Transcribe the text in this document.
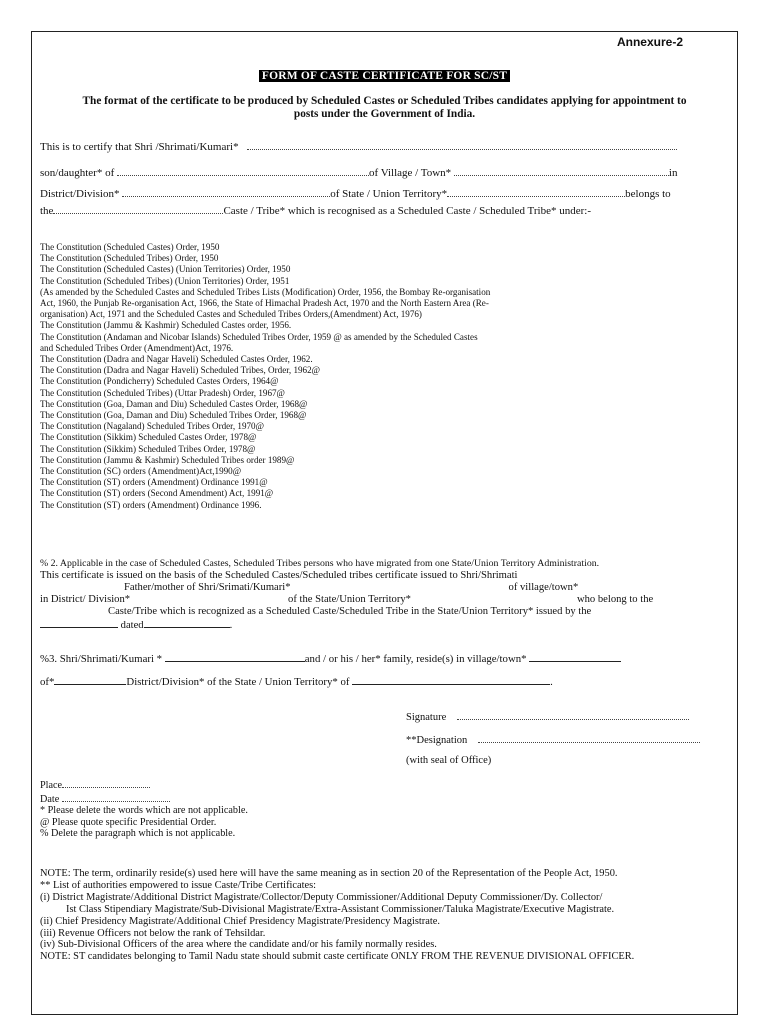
Annexure-2
FORM OF CASTE CERTIFICATE FOR SC/ST
The format of the certificate to be produced by Scheduled Castes or Scheduled Tribes candidates applying for appointment to
posts under the Government of India.
This is to certify that Shri /Shrimati/Kumari*
son/daughter* of	of Village / Town*	in
District/Division*	of State / Union Territory*	belongs to
the	Caste / Tribe* which is recognised as a Scheduled Caste / Scheduled Tribe* under:-
The Constitution (Scheduled Castes) Order, 1950
The Constitution (Scheduled Tribes) Order, 1950
The Constitution (Scheduled Castes) (Union Territories) Order, 1950
The Constitution (Scheduled Tribes) (Union Territories) Order, 1951
(As amended by the Scheduled Castes and Scheduled Tribes Lists (Modification) Order, 1956, the Bombay Re-organisation
Act, 1960, the Punjab Re-organisation Act, 1966, the State of Himachal Pradesh Act, 1970 and the North Eastern Area (Re-
organisation) Act, 1971 and the Scheduled Castes and Scheduled Tribes Orders,(Amendment) Act, 1976)
The Constitution (Jammu & Kashmir) Scheduled Castes order, 1956.
The Constitution (Andaman and Nicobar Islands) Scheduled Tribes Order, 1959 @ as amended by the Scheduled Castes
and Scheduled Tribes Order (Amendment)Act, 1976.
The Constitution (Dadra and Nagar Haveli) Scheduled Castes Order, 1962.
The Constitution (Dadra and Nagar Haveli) Scheduled Tribes, Order, 1962@
The Constitution (Pondicherry) Scheduled Castes Orders, 1964@
The Constitution (Scheduled Tribes) (Uttar Pradesh) Order, 1967@
The Constitution (Goa, Daman and Diu) Scheduled Castes Order, 1968@
The Constitution (Goa, Daman and Diu) Scheduled Tribes Order, 1968@
The Constitution (Nagaland) Scheduled Tribes Order, 1970@
The Constitution (Sikkim) Scheduled Castes Order, 1978@
The Constitution (Sikkim) Scheduled Tribes Order, 1978@
The Constitution (Jammu & Kashmir) Scheduled Tribes order 1989@
The Constitution (SC) orders (Amendment)Act,1990@
The Constitution (ST) orders (Amendment) Ordinance 1991@
The Constitution (ST) orders (Second Amendment) Act, 1991@
The Constitution (ST) orders (Amendment) Ordinance 1996.
% 2. Applicable in the case of Scheduled Castes, Scheduled Tribes persons who have migrated from one State/Union Territory Administration.
This certificate is issued on the basis of the Scheduled Castes/Scheduled tribes certificate issued to Shri/Shrimati
Father/mother of Shri/Srimati/Kumari*	of village/town*
in District/ Division*	of the State/Union Territory*	who belong to the
Caste/Tribe which is recognized as a Scheduled Caste/Scheduled Tribe in the State/Union Territory* issued by the
dated	.
%3. Shri/Shrimati/Kumari *	and / or his / her* family, reside(s) in village/town*
of*	District/Division* of the State / Union Territory* of	.
Signature
**Designation
(with seal of Office)
Place
Date
* Please delete the words which are not applicable.
@ Please quote specific Presidential Order.
% Delete the paragraph which is not applicable.
NOTE: The term, ordinarily reside(s) used here will have the same meaning as in section 20 of the Representation of the People Act, 1950.
** List of authorities empowered to issue Caste/Tribe Certificates:
(i) District Magistrate/Additional District Magistrate/Collector/Deputy Commissioner/Additional Deputy Commissioner/Dy. Collector/
Ist Class Stipendiary Magistrate/Sub-Divisional Magistrate/Extra-Assistant Commissioner/Taluka Magistrate/Executive Magistrate.
(ii) Chief Presidency Magistrate/Additional Chief Presidency Magistrate/Presidency Magistrate.
(iii) Revenue Officers not below the rank of Tehsildar.
(iv) Sub-Divisional Officers of the area where the candidate and/or his family normally resides.
NOTE: ST candidates belonging to Tamil Nadu state should submit caste certificate ONLY FROM THE REVENUE DIVISIONAL OFFICER.
